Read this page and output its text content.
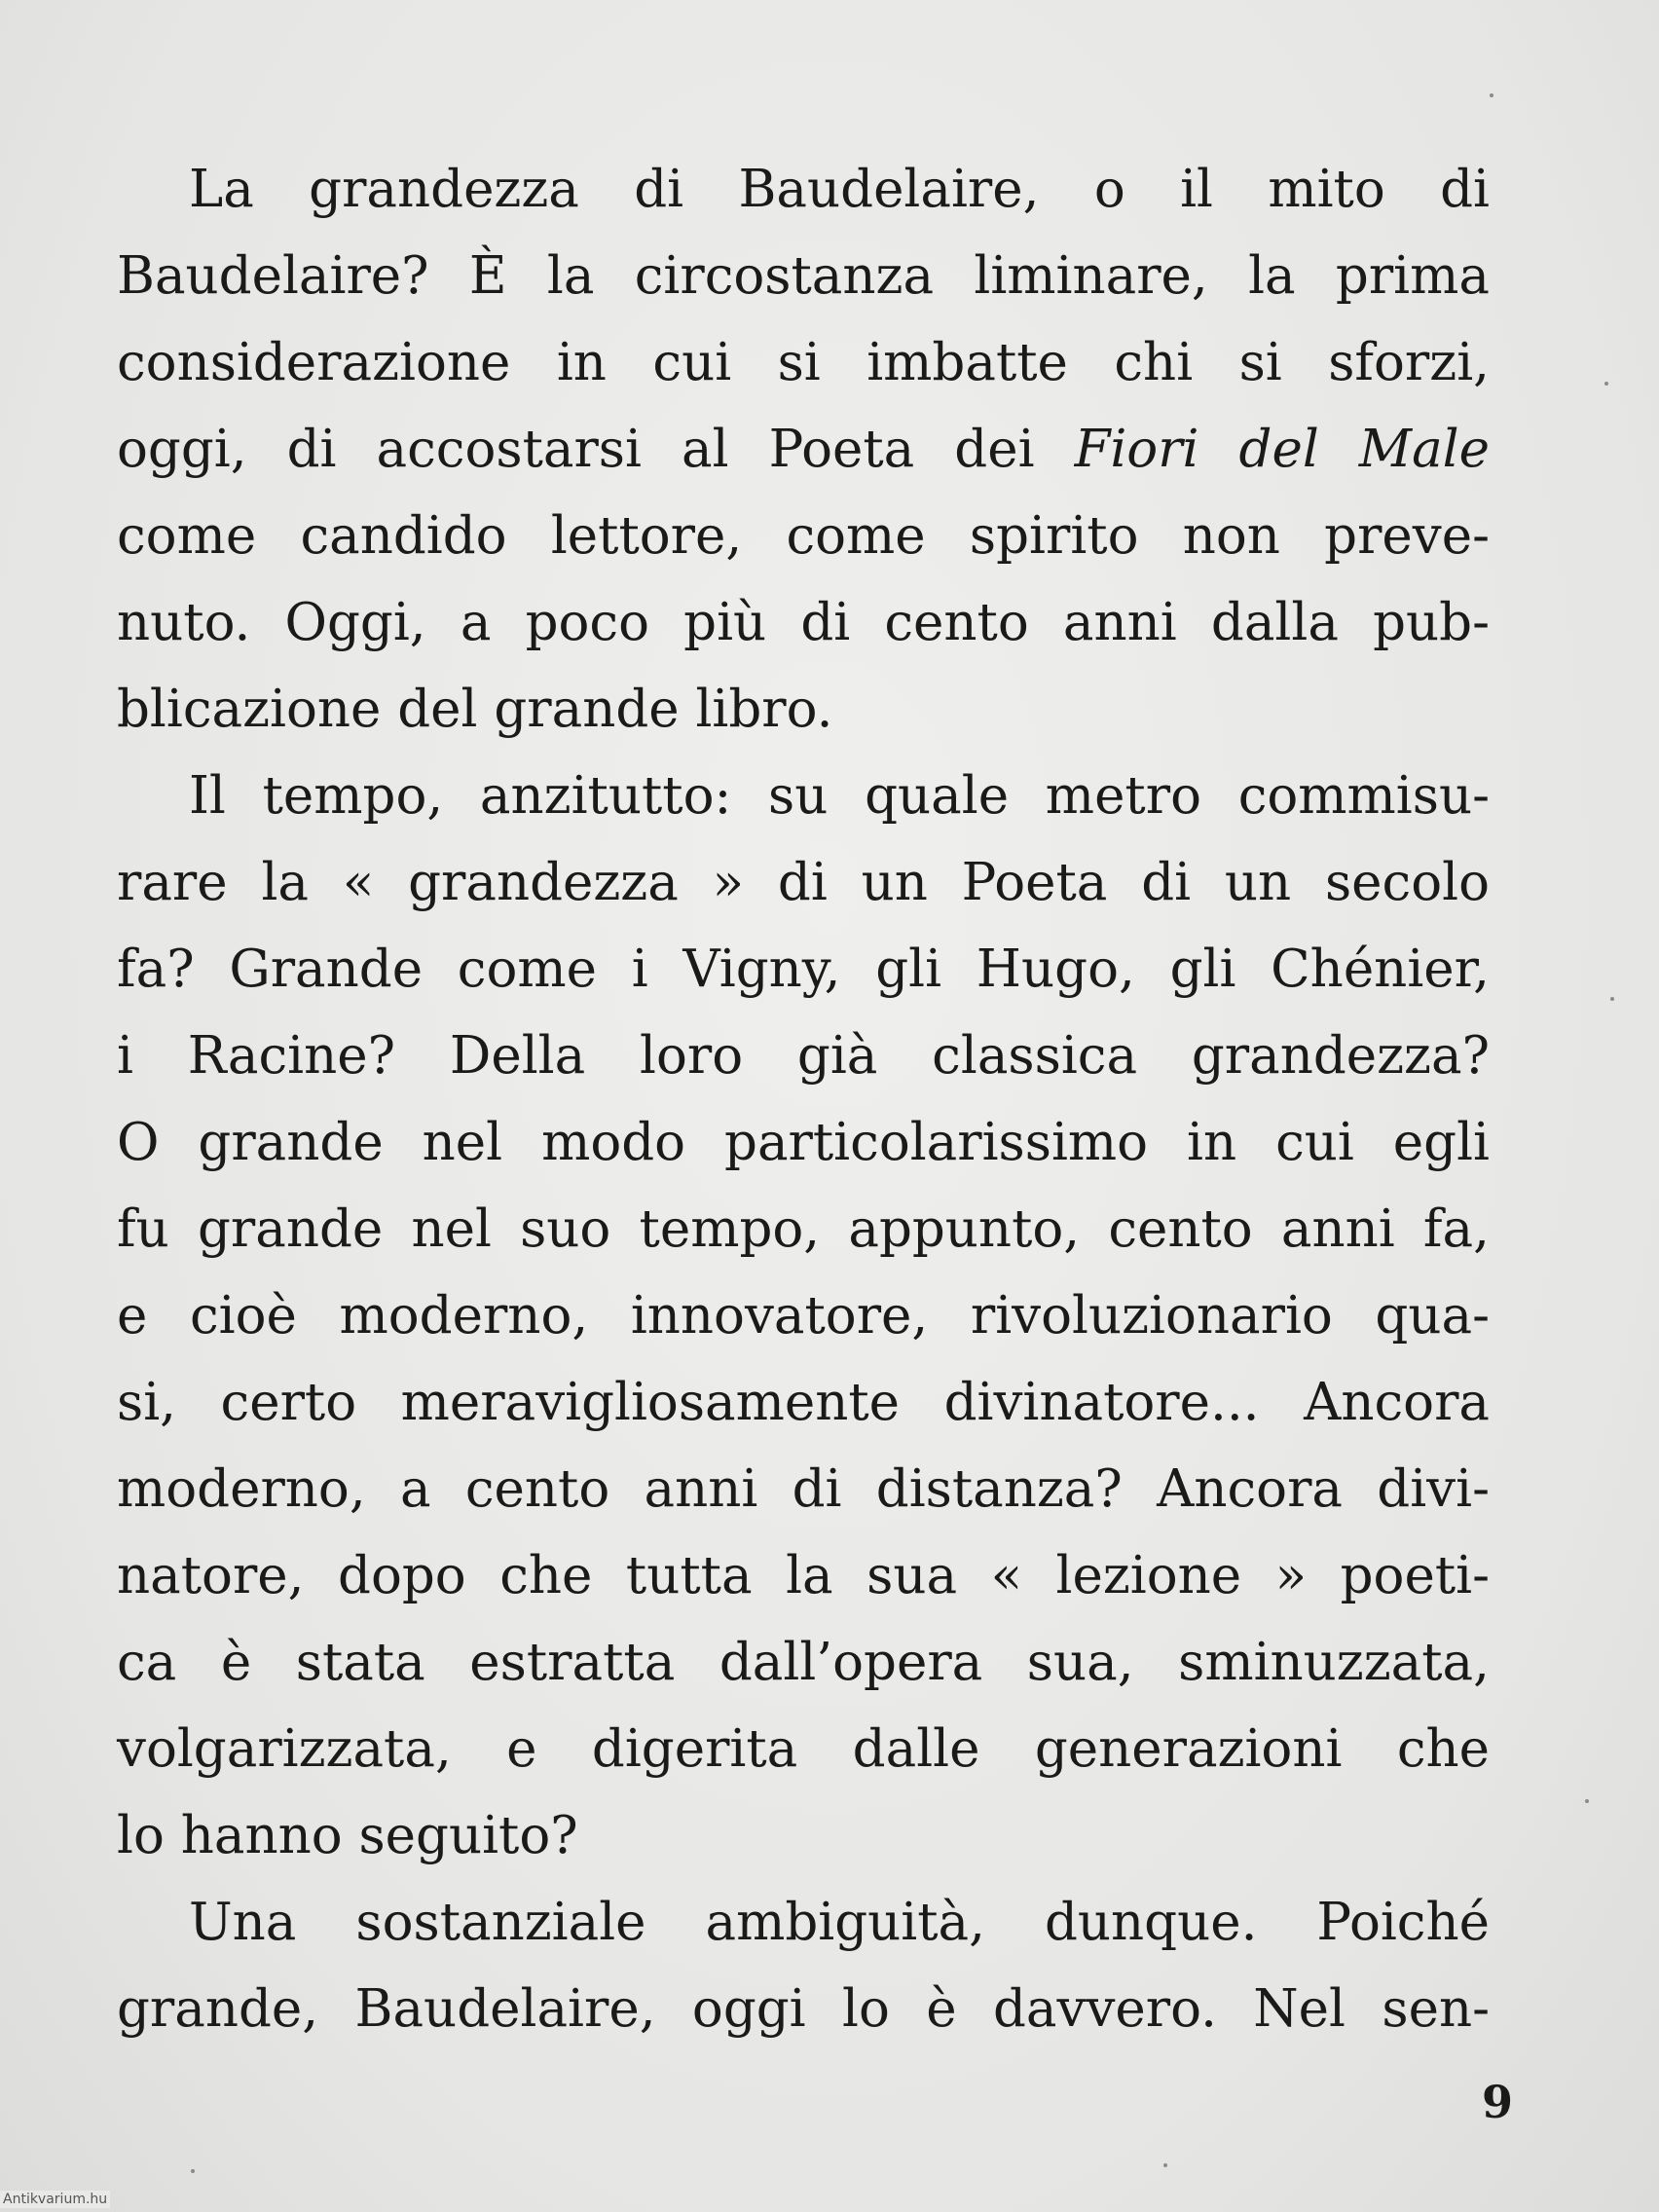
La grandezza di Baudelaire, o il mito di
Baudelaire? È la circostanza liminare, la prima
considerazione in cui si imbatte chi si sforzi,
oggi, di accostarsi al Poeta dei Fiori del Male
come candido lettore, come spirito non preve-
nuto. Oggi, a poco più di cento anni dalla pub-
blicazione del grande libro.
Il tempo, anzitutto: su quale metro commisu-
rare la « grandezza » di un Poeta di un secolo
fa? Grande come i Vigny, gli Hugo, gli Chénier,
i Racine? Della loro già classica grandezza?
O grande nel modo particolarissimo in cui egli
fu grande nel suo tempo, appunto, cento anni fa,
e cioè moderno, innovatore, rivoluzionario qua-
si, certo meravigliosamente divinatore... Ancora
moderno, a cento anni di distanza? Ancora divi-
natore, dopo che tutta la sua « lezione » poeti-
ca è stata estratta dall’opera sua, sminuzzata,
volgarizzata, e digerita dalle generazioni che
lo hanno seguito?
Una sostanziale ambiguità, dunque. Poiché
grande, Baudelaire, oggi lo è davvero. Nel sen-
9
Antikvarium.hu
